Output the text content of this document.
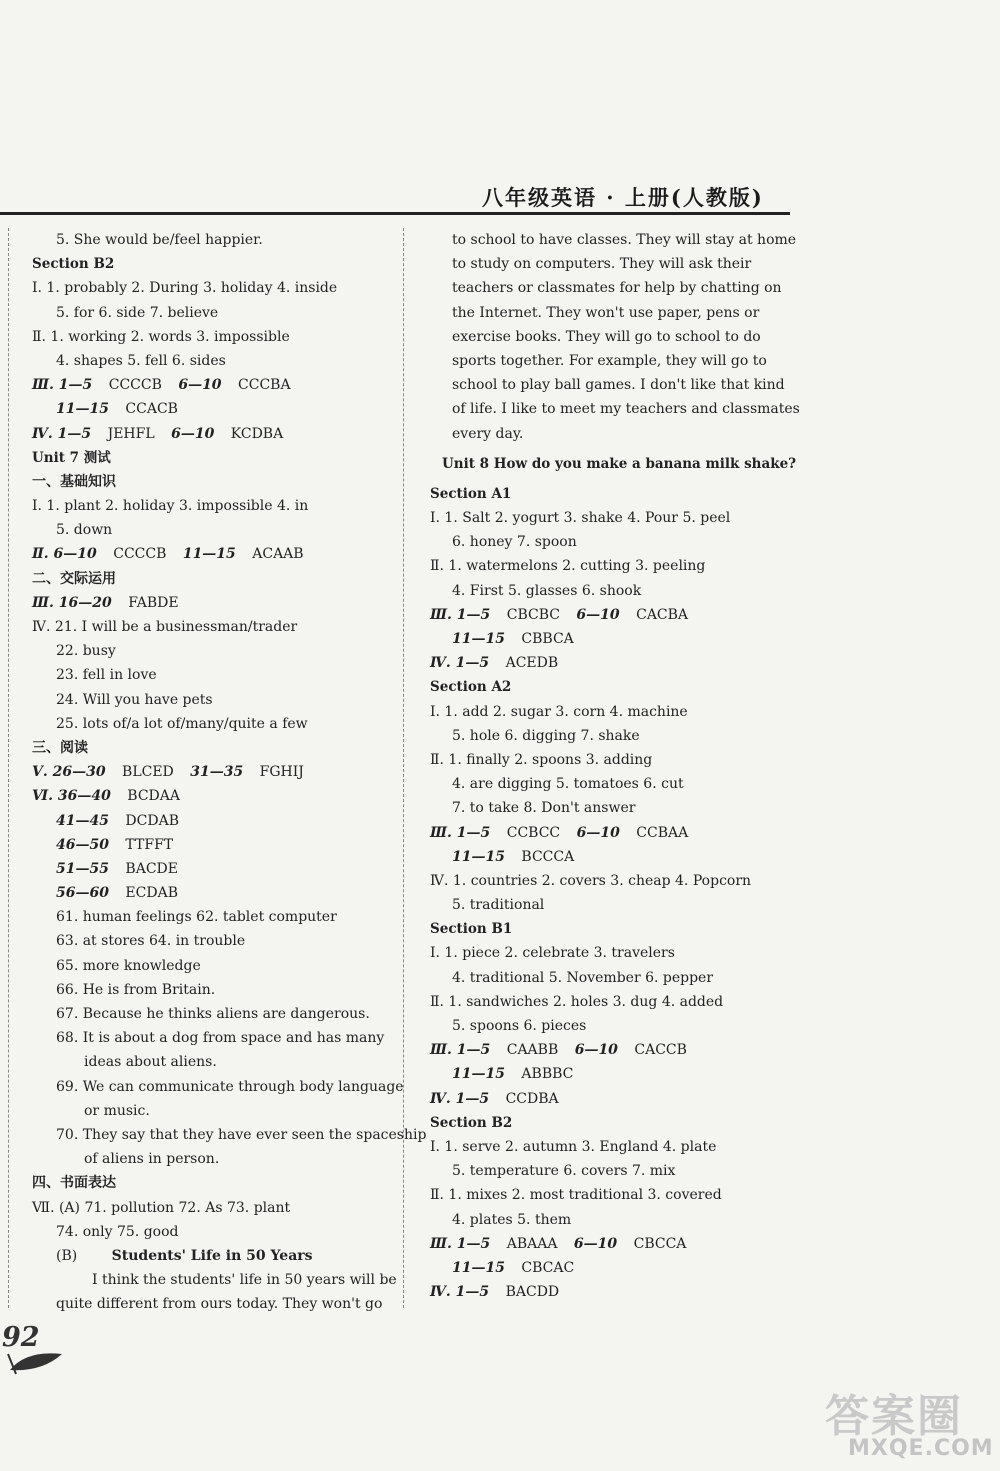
八年级英语 · 上册(人教版)
5. She would be/feel happier.
Section B2
Ⅰ. 1. probably 2. During 3. holiday 4. inside
5. for 6. side 7. believe
Ⅱ. 1. working 2. words 3. impossible
4. shapes 5. fell 6. sides
Ⅲ. 1—5 CCCCB 6—10 CCCBA
11—15 CCACB
Ⅳ. 1—5 JEHFL 6—10 KCDBA
Unit 7 测试
一、基础知识
Ⅰ. 1. plant 2. holiday 3. impossible 4. in
5. down
Ⅱ. 6—10 CCCCB 11—15 ACAAB
二、交际运用
Ⅲ. 16—20 FABDE
Ⅳ. 21. I will be a businessman/trader
22. busy
23. fell in love
24. Will you have pets
25. lots of/a lot of/many/quite a few
三、阅读
Ⅴ. 26—30 BLCED 31—35 FGHIJ
Ⅵ. 36—40 BCDAA
41—45 DCDAB
46—50 TTFFT
51—55 BACDE
56—60 ECDAB
61. human feelings 62. tablet computer
63. at stores 64. in trouble
65. more knowledge
66. He is from Britain.
67. Because he thinks aliens are dangerous.
68. It is about a dog from space and has many
ideas about aliens.
69. We can communicate through body language
or music.
70. They say that they have ever seen the spaceship
of aliens in person.
四、书面表达
Ⅶ. (A) 71. pollution 72. As 73. plant
74. only 75. good
(B) Students' Life in 50 Years
I think the students' life in 50 years will be
quite different from ours today. They won't go
to school to have classes. They will stay at home
to study on computers. They will ask their
teachers or classmates for help by chatting on
the Internet. They won't use paper, pens or
exercise books. They will go to school to do
sports together. For example, they will go to
school to play ball games. I don't like that kind
of life. I like to meet my teachers and classmates
every day.
Unit 8 How do you make a banana milk shake?
Section A1
Ⅰ. 1. Salt 2. yogurt 3. shake 4. Pour 5. peel
6. honey 7. spoon
Ⅱ. 1. watermelons 2. cutting 3. peeling
4. First 5. glasses 6. shook
Ⅲ. 1—5 CBCBC 6—10 CACBA
11—15 CBBCA
Ⅳ. 1—5 ACEDB
Section A2
Ⅰ. 1. add 2. sugar 3. corn 4. machine
5. hole 6. digging 7. shake
Ⅱ. 1. finally 2. spoons 3. adding
4. are digging 5. tomatoes 6. cut
7. to take 8. Don't answer
Ⅲ. 1—5 CCBCC 6—10 CCBAA
11—15 BCCCA
Ⅳ. 1. countries 2. covers 3. cheap 4. Popcorn
5. traditional
Section B1
Ⅰ. 1. piece 2. celebrate 3. travelers
4. traditional 5. November 6. pepper
Ⅱ. 1. sandwiches 2. holes 3. dug 4. added
5. spoons 6. pieces
Ⅲ. 1—5 CAABB 6—10 CACCB
11—15 ABBBC
Ⅳ. 1—5 CCDBA
Section B2
Ⅰ. 1. serve 2. autumn 3. England 4. plate
5. temperature 6. covers 7. mix
Ⅱ. 1. mixes 2. most traditional 3. covered
4. plates 5. them
Ⅲ. 1—5 ABAAA 6—10 CBCCA
11—15 CBCAC
Ⅳ. 1—5 BACDD
92
答案圈
MXQE.COM
